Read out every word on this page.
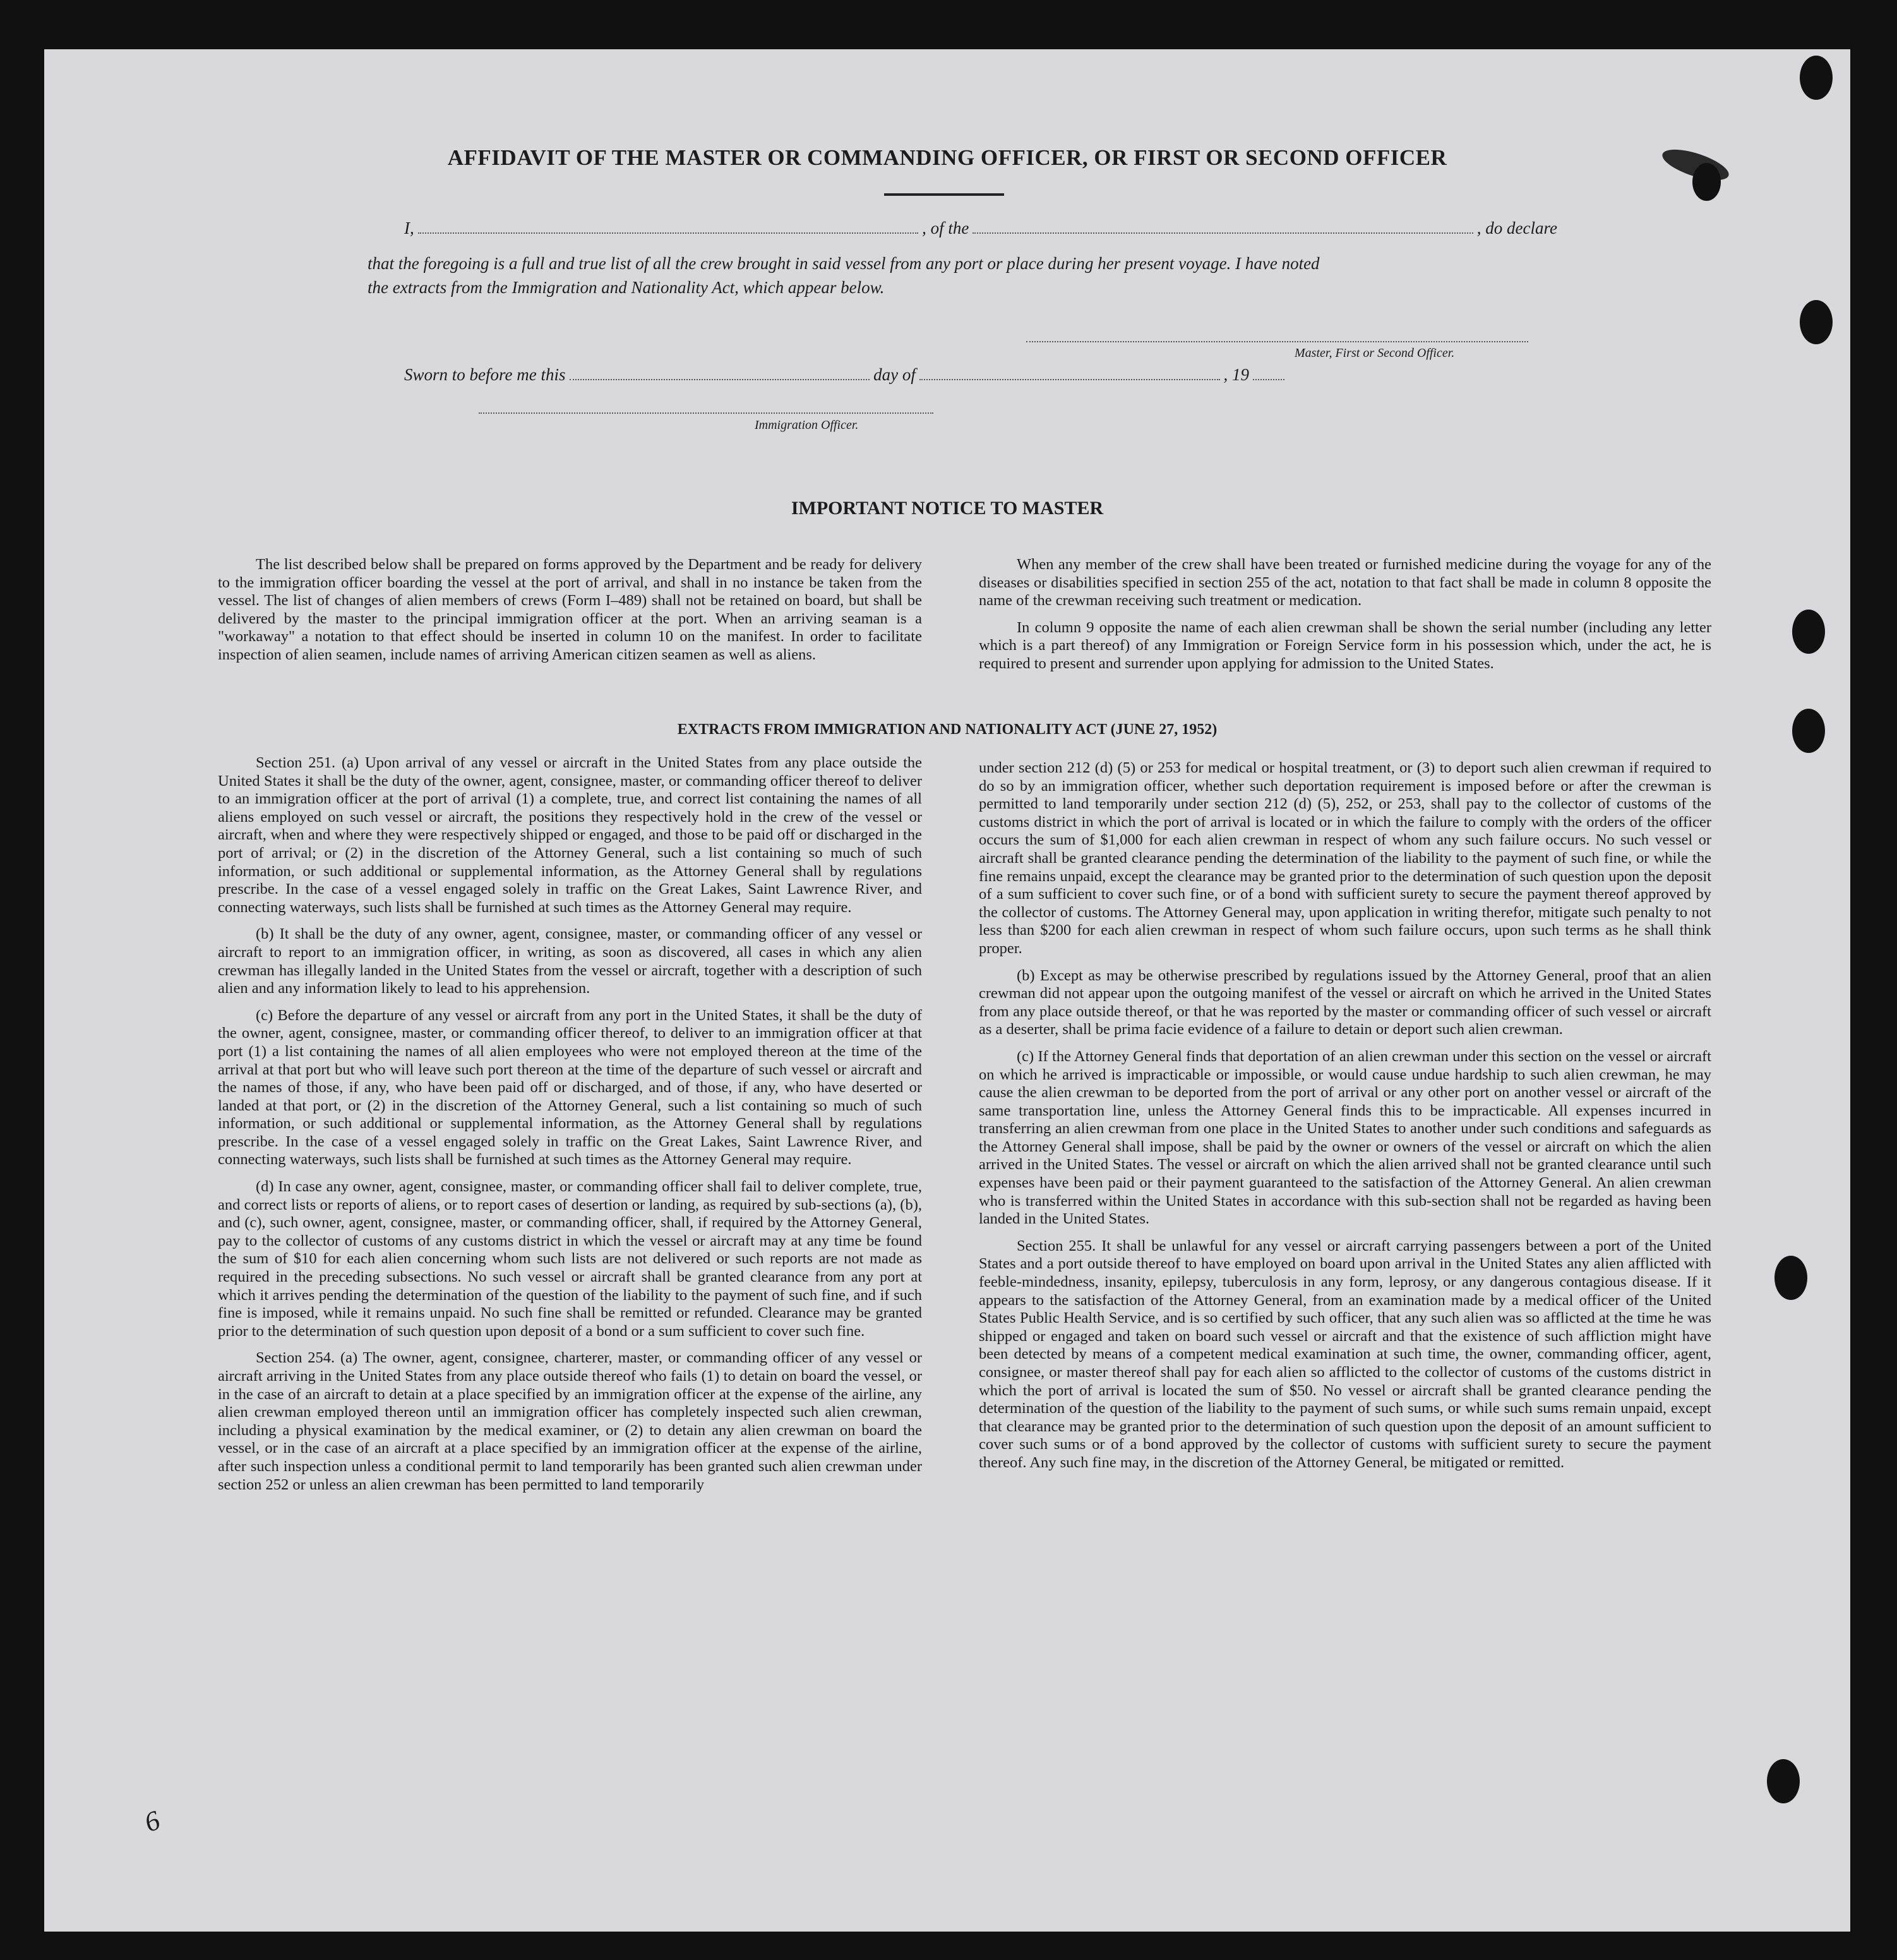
AFFIDAVIT OF THE MASTER OR COMMANDING OFFICER, OR FIRST OR SECOND OFFICER
I,	, of the	, do declare
that the foregoing is a full and true list of all the crew brought in said vessel from any port or place during her present voyage. I have noted
the extracts from the Immigration and Nationality Act, which appear below.
Master, First or Second Officer.
Sworn to before me this	day of	, 19
Immigration Officer.
IMPORTANT NOTICE TO MASTER

The list described below shall be prepared on forms approved by the Department and be ready for delivery to the immigration officer boarding the vessel at the port of arrival, and shall in no instance be taken from the vessel. The list of changes of alien members of crews (Form I–489) shall not be retained on board, but shall be delivered by the master to the principal immigration officer at the port. When an arriving seaman is a "workaway" a notation to that effect should be inserted in column 10 on the manifest. In order to facilitate inspection of alien seamen, include names of arriving American citizen seamen as well as aliens.

When any member of the crew shall have been treated or furnished medicine during the voyage for any of the diseases or disabilities specified in section 255 of the act, notation to that fact shall be made in column 8 opposite the name of the crewman receiving such treatment or medication.

In column 9 opposite the name of each alien crewman shall be shown the serial number (including any letter which is a part thereof) of any Immigration or Foreign Service form in his possession which, under the act, he is required to present and surrender upon applying for admission to the United States.

EXTRACTS FROM IMMIGRATION AND NATIONALITY ACT (JUNE 27, 1952)

Section 251. (a) Upon arrival of any vessel or aircraft in the United States from any place outside the United States it shall be the duty of the owner, agent, consignee, master, or commanding officer thereof to deliver to an immigration officer at the port of arrival (1) a complete, true, and correct list containing the names of all aliens employed on such vessel or aircraft, the positions they respectively hold in the crew of the vessel or aircraft, when and where they were respectively shipped or engaged, and those to be paid off or discharged in the port of arrival; or (2) in the discretion of the Attorney General, such a list containing so much of such information, or such additional or supplemental information, as the Attorney General shall by regulations prescribe. In the case of a vessel engaged solely in traffic on the Great Lakes, Saint Lawrence River, and connecting waterways, such lists shall be furnished at such times as the Attorney General may require.

(b) It shall be the duty of any owner, agent, consignee, master, or commanding officer of any vessel or aircraft to report to an immigration officer, in writing, as soon as discovered, all cases in which any alien crewman has illegally landed in the United States from the vessel or aircraft, together with a description of such alien and any information likely to lead to his apprehension.

(c) Before the departure of any vessel or aircraft from any port in the United States, it shall be the duty of the owner, agent, consignee, master, or commanding officer thereof, to deliver to an immigration officer at that port (1) a list containing the names of all alien employees who were not employed thereon at the time of the arrival at that port but who will leave such port thereon at the time of the departure of such vessel or aircraft and the names of those, if any, who have been paid off or discharged, and of those, if any, who have deserted or landed at that port, or (2) in the discretion of the Attorney General, such a list containing so much of such information, or such additional or supplemental information, as the Attorney General shall by regulations prescribe. In the case of a vessel engaged solely in traffic on the Great Lakes, Saint Lawrence River, and connecting waterways, such lists shall be furnished at such times as the Attorney General may require.

(d) In case any owner, agent, consignee, master, or commanding officer shall fail to deliver complete, true, and correct lists or reports of aliens, or to report cases of desertion or landing, as required by sub-sections (a), (b), and (c), such owner, agent, consignee, master, or commanding officer, shall, if required by the Attorney General, pay to the collector of customs of any customs district in which the vessel or aircraft may at any time be found the sum of $10 for each alien concerning whom such lists are not delivered or such reports are not made as required in the preceding subsections. No such vessel or aircraft shall be granted clearance from any port at which it arrives pending the determination of the question of the liability to the payment of such fine, and if such fine is imposed, while it remains unpaid. No such fine shall be remitted or refunded. Clearance may be granted prior to the determination of such question upon deposit of a bond or a sum sufficient to cover such fine.

Section 254. (a) The owner, agent, consignee, charterer, master, or commanding officer of any vessel or aircraft arriving in the United States from any place outside thereof who fails (1) to detain on board the vessel, or in the case of an aircraft to detain at a place specified by an immigration officer at the expense of the airline, any alien crewman employed thereon until an immigration officer has completely inspected such alien crewman, including a physical examination by the medical examiner, or (2) to detain any alien crewman on board the vessel, or in the case of an aircraft at a place specified by an immigration officer at the expense of the airline, after such inspection unless a conditional permit to land temporarily has been granted such alien crewman under section 252 or unless an alien crewman has been permitted to land temporarily

under section 212 (d) (5) or 253 for medical or hospital treatment, or (3) to deport such alien crewman if required to do so by an immigration officer, whether such deportation requirement is imposed before or after the crewman is permitted to land temporarily under section 212 (d) (5), 252, or 253, shall pay to the collector of customs of the customs district in which the port of arrival is located or in which the failure to comply with the orders of the officer occurs the sum of $1,000 for each alien crewman in respect of whom any such failure occurs. No such vessel or aircraft shall be granted clearance pending the determination of the liability to the payment of such fine, or while the fine remains unpaid, except the clearance may be granted prior to the determination of such question upon the deposit of a sum sufficient to cover such fine, or of a bond with sufficient surety to secure the payment thereof approved by the collector of customs. The Attorney General may, upon application in writing therefor, mitigate such penalty to not less than $200 for each alien crewman in respect of whom such failure occurs, upon such terms as he shall think proper.

(b) Except as may be otherwise prescribed by regulations issued by the Attorney General, proof that an alien crewman did not appear upon the outgoing manifest of the vessel or aircraft on which he arrived in the United States from any place outside thereof, or that he was reported by the master or commanding officer of such vessel or aircraft as a deserter, shall be prima facie evidence of a failure to detain or deport such alien crewman.

(c) If the Attorney General finds that deportation of an alien crewman under this section on the vessel or aircraft on which he arrived is impracticable or impossible, or would cause undue hardship to such alien crewman, he may cause the alien crewman to be deported from the port of arrival or any other port on another vessel or aircraft of the same transportation line, unless the Attorney General finds this to be impracticable. All expenses incurred in transferring an alien crewman from one place in the United States to another under such conditions and safeguards as the Attorney General shall impose, shall be paid by the owner or owners of the vessel or aircraft on which the alien arrived in the United States. The vessel or aircraft on which the alien arrived shall not be granted clearance until such expenses have been paid or their payment guaranteed to the satisfaction of the Attorney General. An alien crewman who is transferred within the United States in accordance with this sub-section shall not be regarded as having been landed in the United States.

Section 255. It shall be unlawful for any vessel or aircraft carrying passengers between a port of the United States and a port outside thereof to have employed on board upon arrival in the United States any alien afflicted with feeble-mindedness, insanity, epilepsy, tuberculosis in any form, leprosy, or any dangerous contagious disease. If it appears to the satisfaction of the Attorney General, from an examination made by a medical officer of the United States Public Health Service, and is so certified by such officer, that any such alien was so afflicted at the time he was shipped or engaged and taken on board such vessel or aircraft and that the existence of such affliction might have been detected by means of a competent medical examination at such time, the owner, commanding officer, agent, consignee, or master thereof shall pay for each alien so afflicted to the collector of customs of the customs district in which the port of arrival is located the sum of $50. No vessel or aircraft shall be granted clearance pending the determination of the question of the liability to the payment of such sums, or while such sums remain unpaid, except that clearance may be granted prior to the determination of such question upon the deposit of an amount sufficient to cover such sums or of a bond approved by the collector of customs with sufficient surety to secure the payment thereof. Any such fine may, in the discretion of the Attorney General, be mitigated or remitted.

6
